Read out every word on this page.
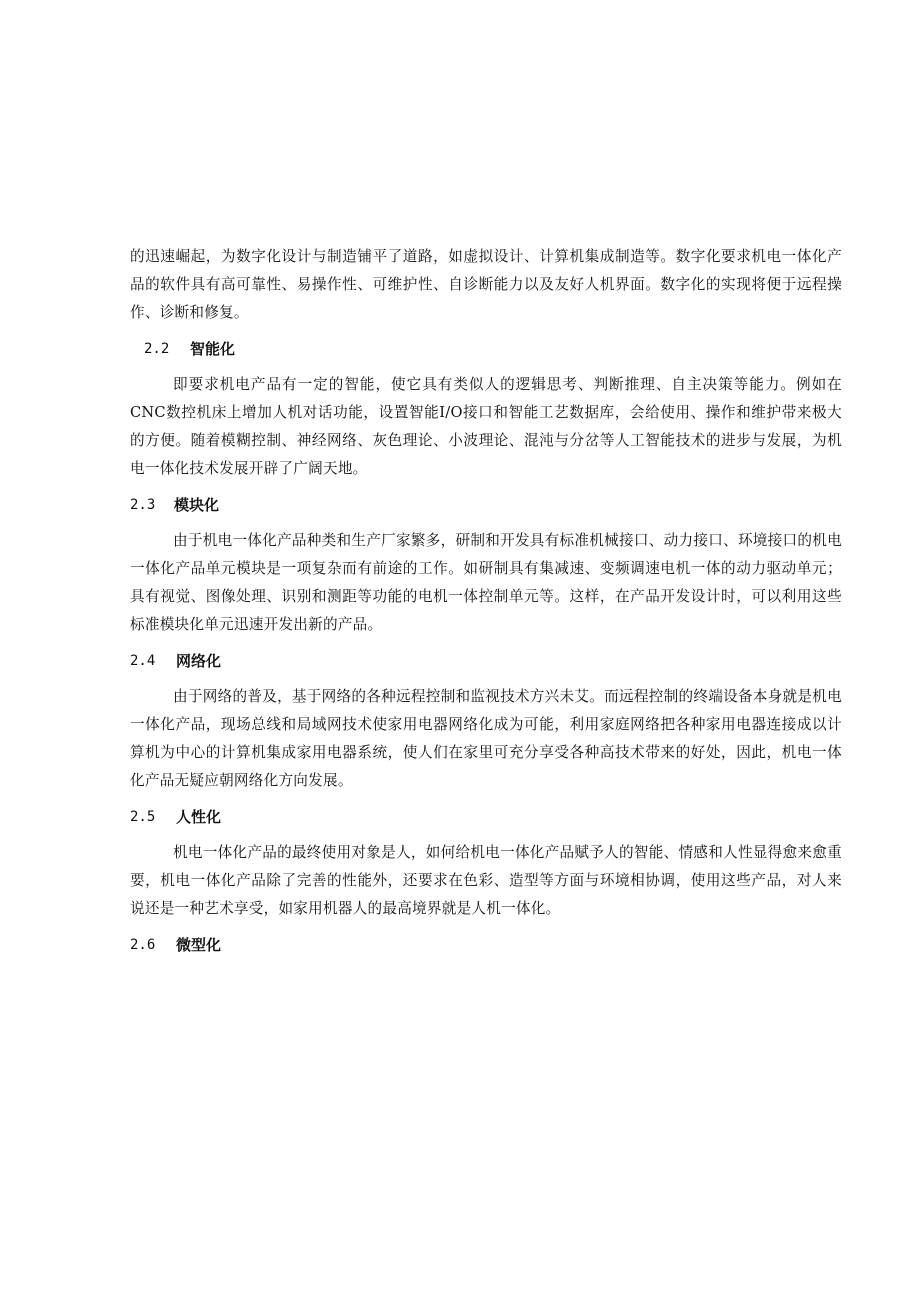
的迅速崛起，为数字化设计与制造铺平了道路，如虚拟设计、计算机集成制造等。数字化要求机电一体化产品的软件具有高可靠性、易操作性、可维护性、自诊断能力以及友好人机界面。数字化的实现将便于远程操作、诊断和修复。

2.2	智能化

即要求机电产品有一定的智能，使它具有类似人的逻辑思考、判断推理、自主决策等能力。例如在CNC数控机床上增加人机对话功能，设置智能I/O接口和智能工艺数据库，会给使用、操作和维护带来极大的方便。随着模糊控制、神经网络、灰色理论、小波理论、混沌与分岔等人工智能技术的进步与发展，为机电一体化技术发展开辟了广阔天地。

2.3	模块化

由于机电一体化产品种类和生产厂家繁多，研制和开发具有标准机械接口、动力接口、环境接口的机电一体化产品单元模块是一项复杂而有前途的工作。如研制具有集减速、变频调速电机一体的动力驱动单元；具有视觉、图像处理、识别和测距等功能的电机一体控制单元等。这样，在产品开发设计时，可以利用这些标准模块化单元迅速开发出新的产品。

2.4	网络化

由于网络的普及，基于网络的各种远程控制和监视技术方兴未艾。而远程控制的终端设备本身就是机电一体化产品，现场总线和局域网技术使家用电器网络化成为可能，利用家庭网络把各种家用电器连接成以计算机为中心的计算机集成家用电器系统，使人们在家里可充分享受各种高技术带来的好处，因此，机电一体化产品无疑应朝网络化方向发展。

2.5	人性化

机电一体化产品的最终使用对象是人，如何给机电一体化产品赋予人的智能、情感和人性显得愈来愈重要，机电一体化产品除了完善的性能外，还要求在色彩、造型等方面与环境相协调，使用这些产品，对人来说还是一种艺术享受，如家用机器人的最高境界就是人机一体化。

2.6	微型化
